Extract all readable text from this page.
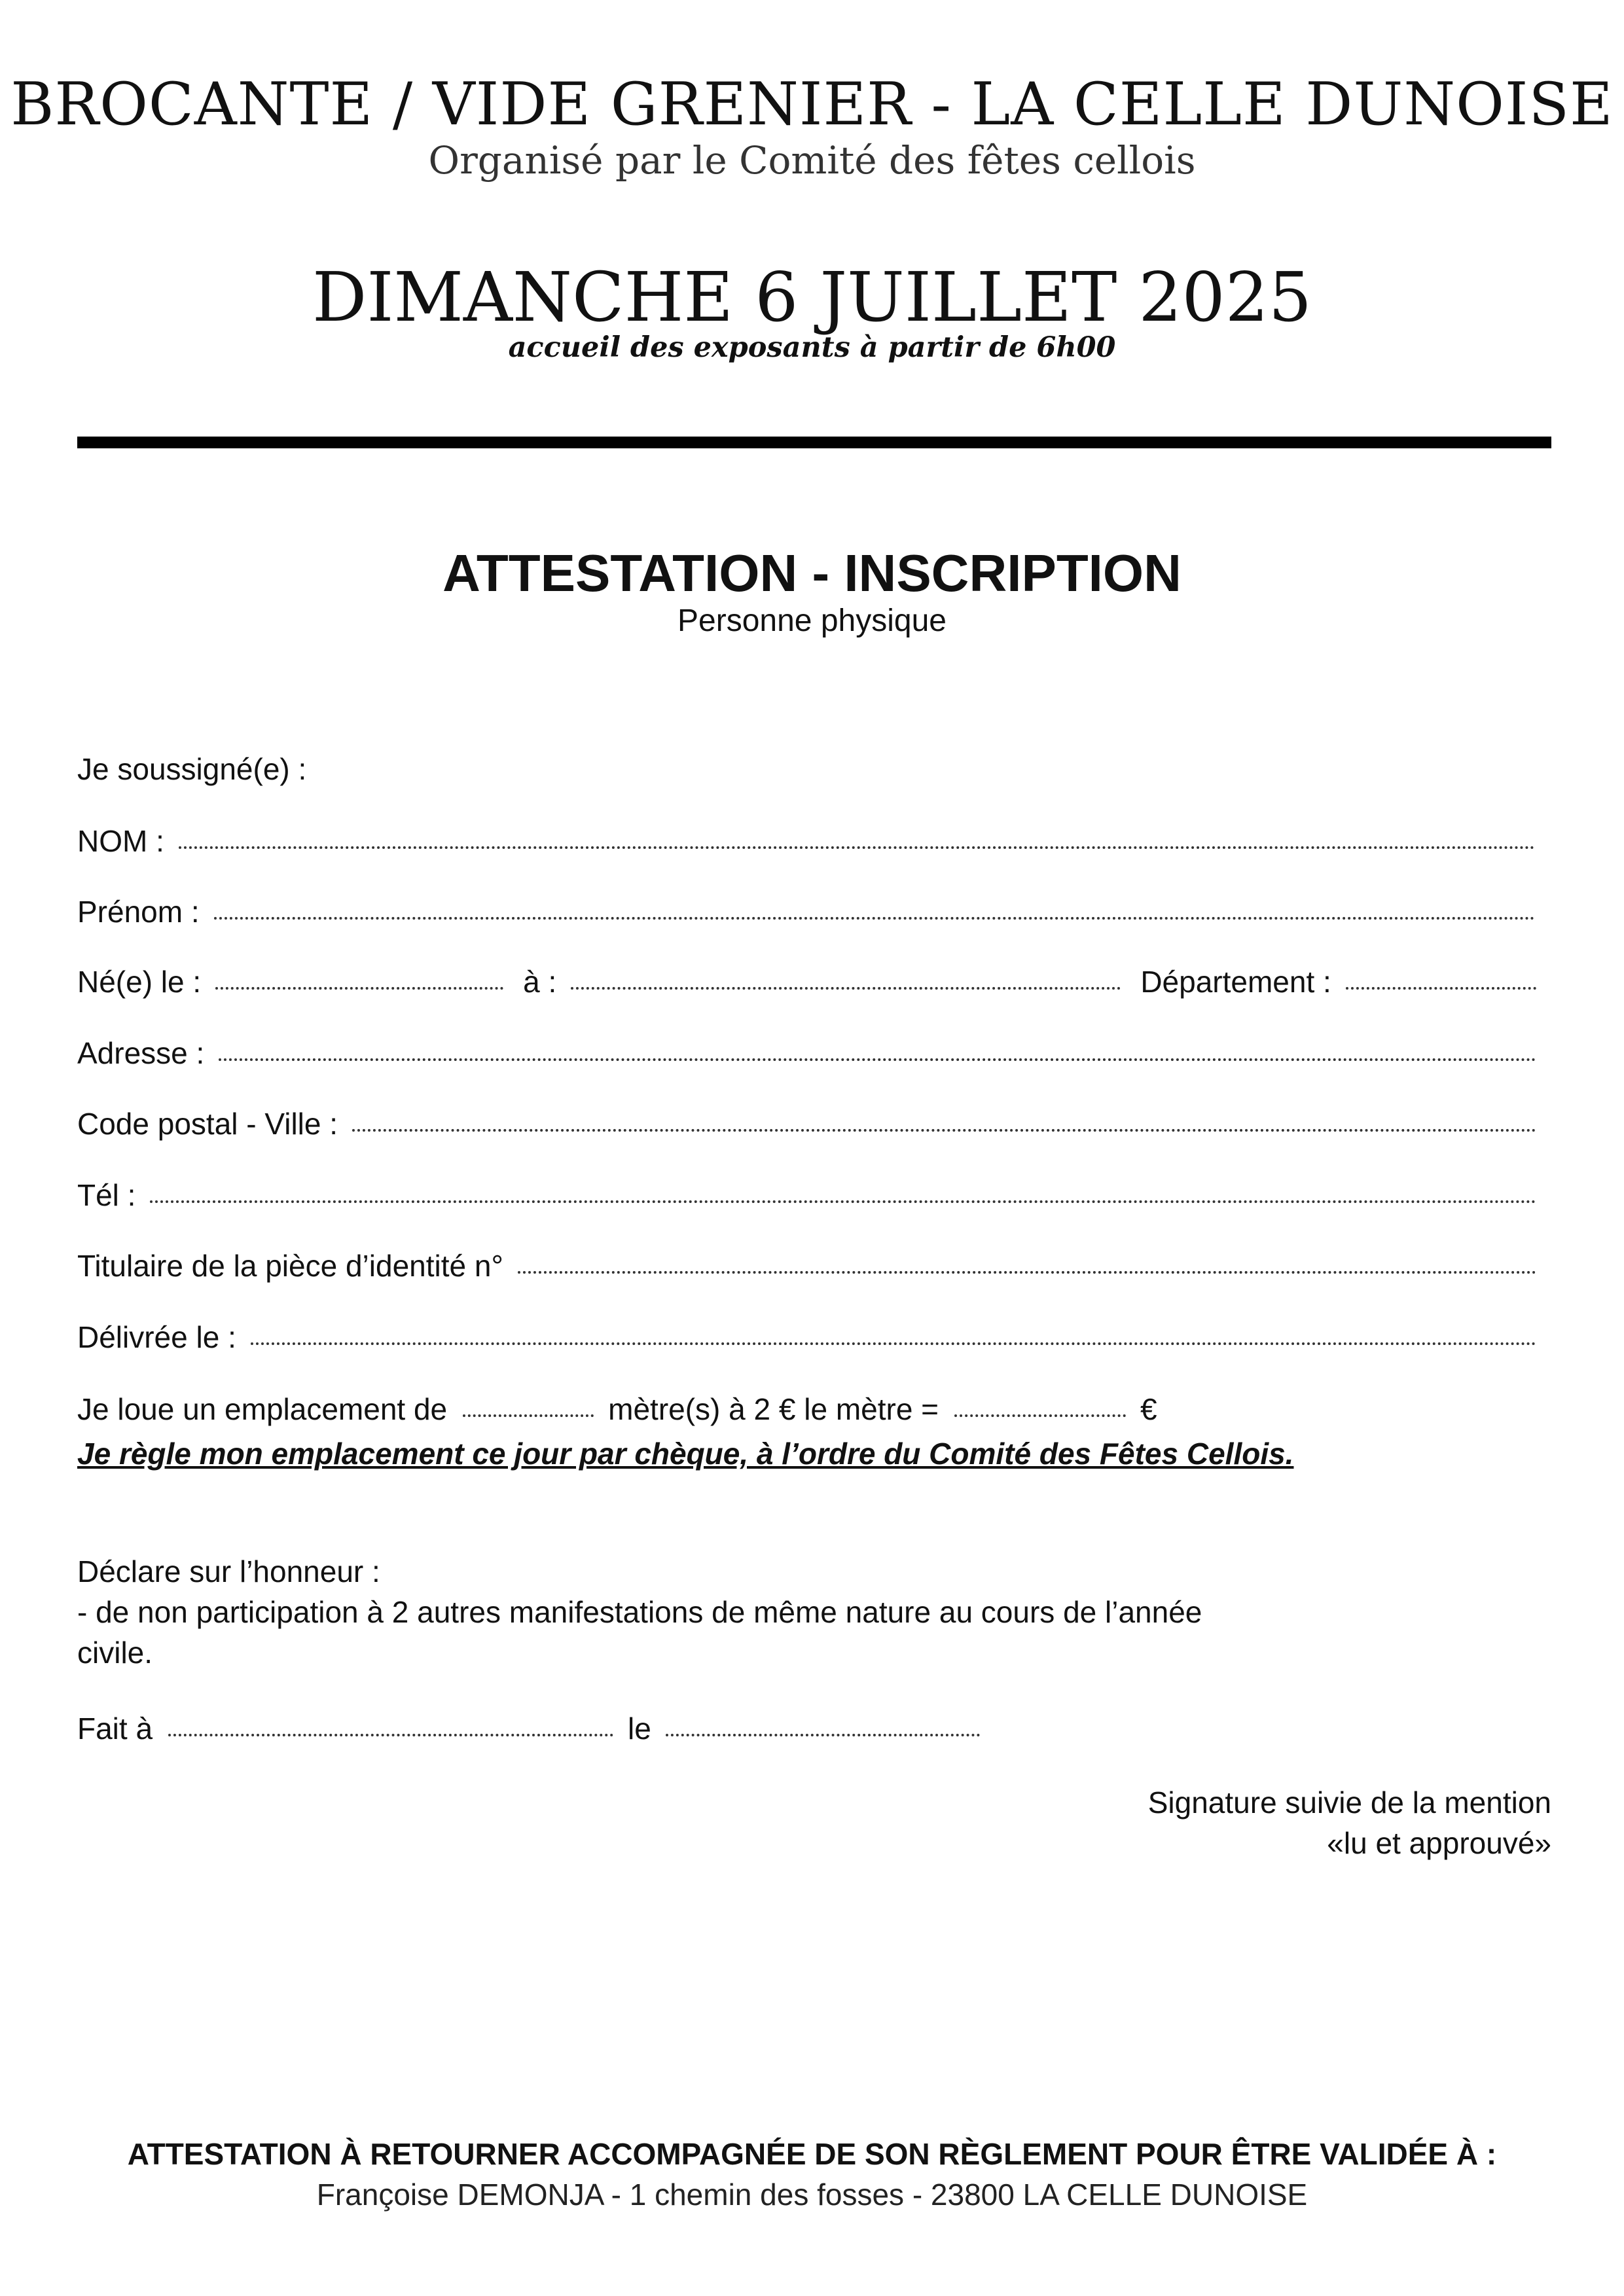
BROCANTE / VIDE GRENIER - LA CELLE DUNOISE
Organisé par le Comité des fêtes cellois
DIMANCHE 6 JUILLET 2025
accueil des exposants à partir de 6h00
ATTESTATION - INSCRIPTION
Personne physique
Je soussigné(e) :
NOM :
Prénom :
Né(e) le :	à :	Département :
Adresse :
Code postal - Ville :
Tél :
Titulaire de la pièce d’identité n°
Délivrée le :
Je loue un emplacement de	mètre(s) à 2 € le mètre =	€
Je règle mon emplacement ce jour par chèque, à l’ordre du Comité des Fêtes Cellois.
Déclare sur l’honneur :
- de non participation à 2 autres manifestations de même nature au cours de l’année
civile.
Fait à	le
Signature suivie de la mention
«lu et approuvé»
ATTESTATION À RETOURNER ACCOMPAGNÉE DE SON RÈGLEMENT POUR ÊTRE VALIDÉE À :
Françoise DEMONJA - 1 chemin des fosses - 23800 LA CELLE DUNOISE
